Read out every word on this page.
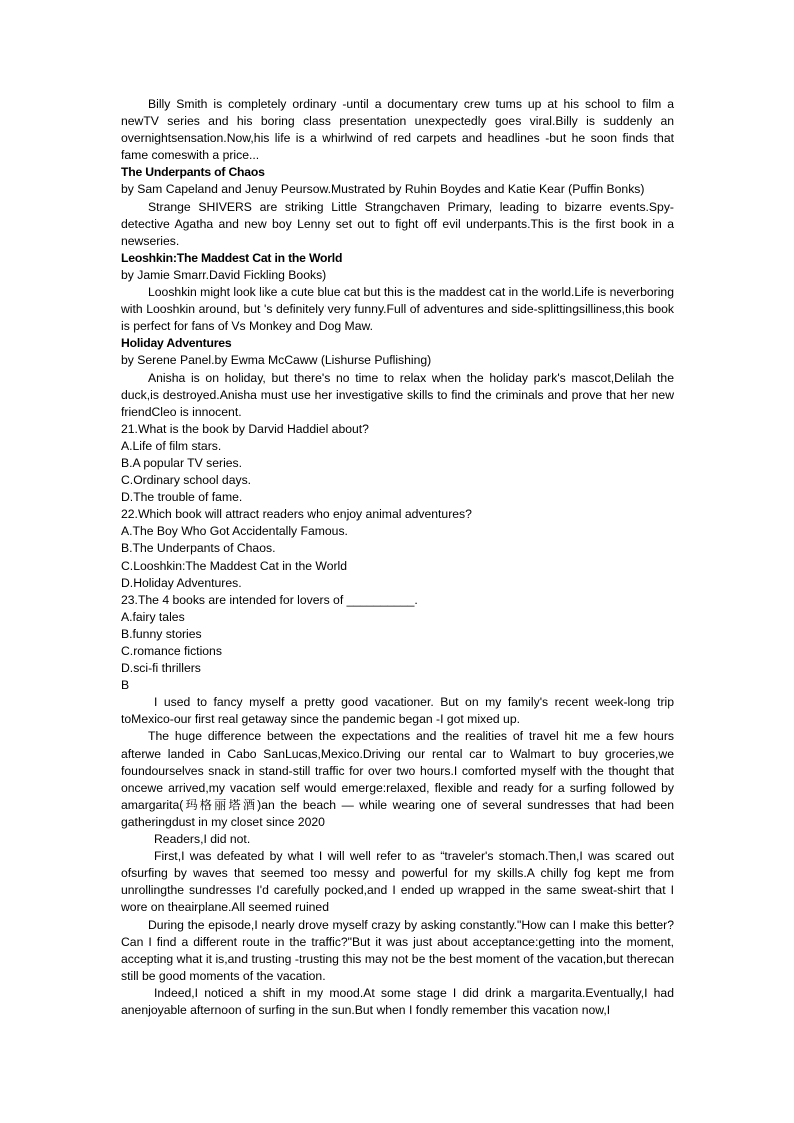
Billy Smith is completely ordinary -until a documentary crew tums up at his school to film a newTV series and his boring class presentation unexpectedly goes viral.Billy is suddenly an overnightsensation.Now,his life is a whirlwind of red carpets and headlines -but he soon finds that fame comeswith a price...

The Underpants of Chaos

by Sam Capeland and Jenuy Peursow.Mustrated by Ruhin Boydes and Katie Kear (Puffin Bonks)

Strange SHIVERS are striking Little Strangchaven Primary, leading to bizarre events.Spy-detective Agatha and new boy Lenny set out to fight off evil underpants.This is the first book in a newseries.

Leoshkin:The Maddest Cat in the World

by Jamie Smarr.David Fickling Books)

Looshkin might look like a cute blue cat but this is the maddest cat in the world.Life is neverboring with Looshkin around, but 's definitely very funny.Full of adventures and side-splittingsilliness,this book is perfect for fans of Vs Monkey and Dog Maw.

Holiday Adventures

by Serene Panel.by Ewma McCaww (Lishurse Puflishing)

Anisha is on holiday, but there's no time to relax when the holiday park's mascot,Delilah the duck,is destroyed.Anisha must use her investigative skills to find the criminals and prove that her new friendCleo is innocent.

21.What is the book by Darvid Haddiel about?

A.Life of film stars.

B.A popular TV series.

C.Ordinary school days.

D.The trouble of fame.

22.Which book will attract readers who enjoy animal adventures?

A.The Boy Who Got Accidentally Famous.

B.The Underpants of Chaos.

C.Looshkin:The Maddest Cat in the World

D.Holiday Adventures.

23.The 4 books are intended for lovers of __________.

A.fairy tales

B.funny stories

C.romance fictions

D.sci-fi thrillers

B

I used to fancy myself a pretty good vacationer. But on my family's recent week-long trip toMexico-our first real getaway since the pandemic began -I got mixed up.

The huge difference between the expectations and the realities of travel hit me a few hours afterwe landed in Cabo SanLucas,Mexico.Driving our rental car to Walmart to buy groceries,we foundourselves snack in stand-still traffic for over two hours.I comforted myself with the thought that oncewe arrived,my vacation self would emerge:relaxed, flexible and ready for a surfing followed by amargarita(玛格丽塔酒)an the beach — while wearing one of several sundresses that had been gatheringdust in my closet since 2020

Readers,I did not.

First,I was defeated by what I will well refer to as “traveler's stomach.Then,I was scared out ofsurfing by waves that seemed too messy and powerful for my skills.A chilly fog kept me from unrollingthe sundresses I'd carefully pocked,and I ended up wrapped in the same sweat-shirt that I wore on theairplane.All seemed ruined

During the episode,I nearly drove myself crazy by asking constantly."How can I make this better?Can I find a different route in the traffic?"But it was just about acceptance:getting into the moment, accepting what it is,and trusting -trusting this may not be the best moment of the vacation,but therecan still be good moments of the vacation.

Indeed,I noticed a shift in my mood.At some stage I did drink a margarita.Eventually,I had anenjoyable afternoon of surfing in the sun.But when I fondly remember this vacation now,I
